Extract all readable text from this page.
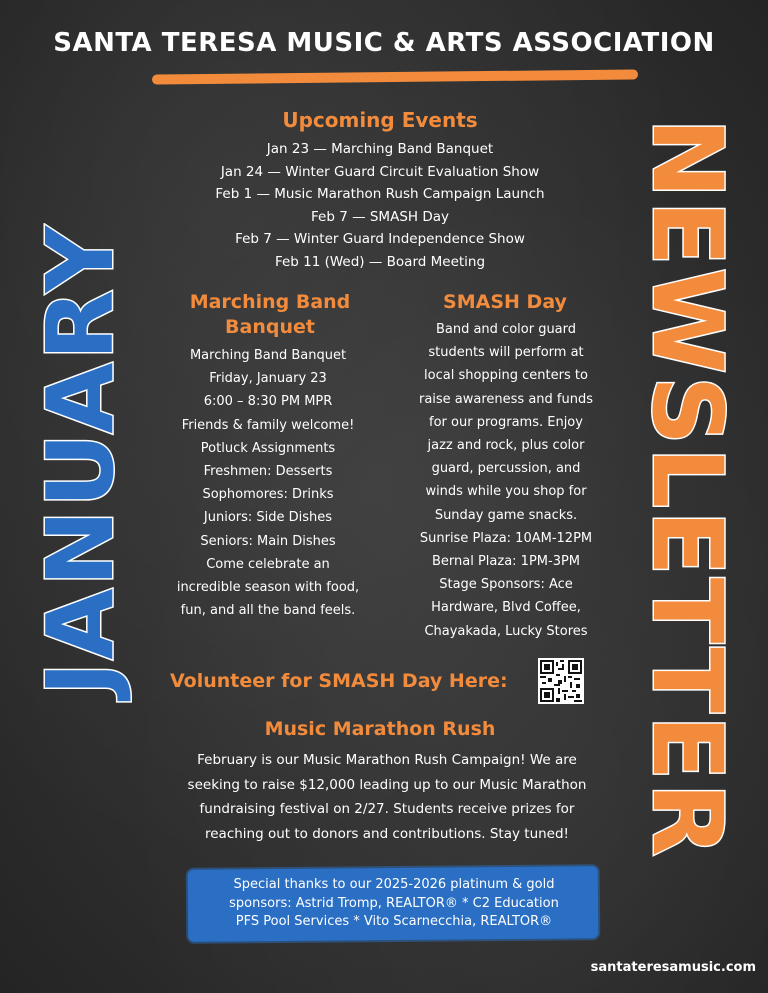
SANTA TERESA MUSIC & ARTS ASSOCIATION
JANUARY	NEWSLETTER
Upcoming Events
Jan 23 — Marching Band Banquet
Jan 24 — Winter Guard Circuit Evaluation Show
Feb 1 — Music Marathon Rush Campaign Launch
Feb 7 — SMASH Day
Feb 7 — Winter Guard Independence Show
Feb 11 (Wed) — Board Meeting
Marching Band Banquet
Marching Band Banquet
Friday, January 23
6:00 – 8:30 PM MPR
Friends & family welcome!
Potluck Assignments
Freshmen: Desserts
Sophomores: Drinks
Juniors: Side Dishes
Seniors: Main Dishes
Come celebrate an
incredible season with food,
fun, and all the band feels.
SMASH Day
Band and color guard
students will perform at
local shopping centers to
raise awareness and funds
for our programs. Enjoy
jazz and rock, plus color
guard, percussion, and
winds while you shop for
Sunday game snacks.
Sunrise Plaza: 10AM-12PM
Bernal Plaza: 1PM-3PM
Stage Sponsors: Ace
Hardware, Blvd Coffee,
Chayakada, Lucky Stores
Volunteer for SMASH Day Here:
Music Marathon Rush
February is our Music Marathon Rush Campaign! We are
seeking to raise $12,000 leading up to our Music Marathon
fundraising festival on 2/27. Students receive prizes for
reaching out to donors and contributions. Stay tuned!
Special thanks to our 2025-2026 platinum & gold
sponsors: Astrid Tromp, REALTOR® * C2 Education
PFS Pool Services * Vito Scarnecchia, REALTOR®
santateresamusic.com
